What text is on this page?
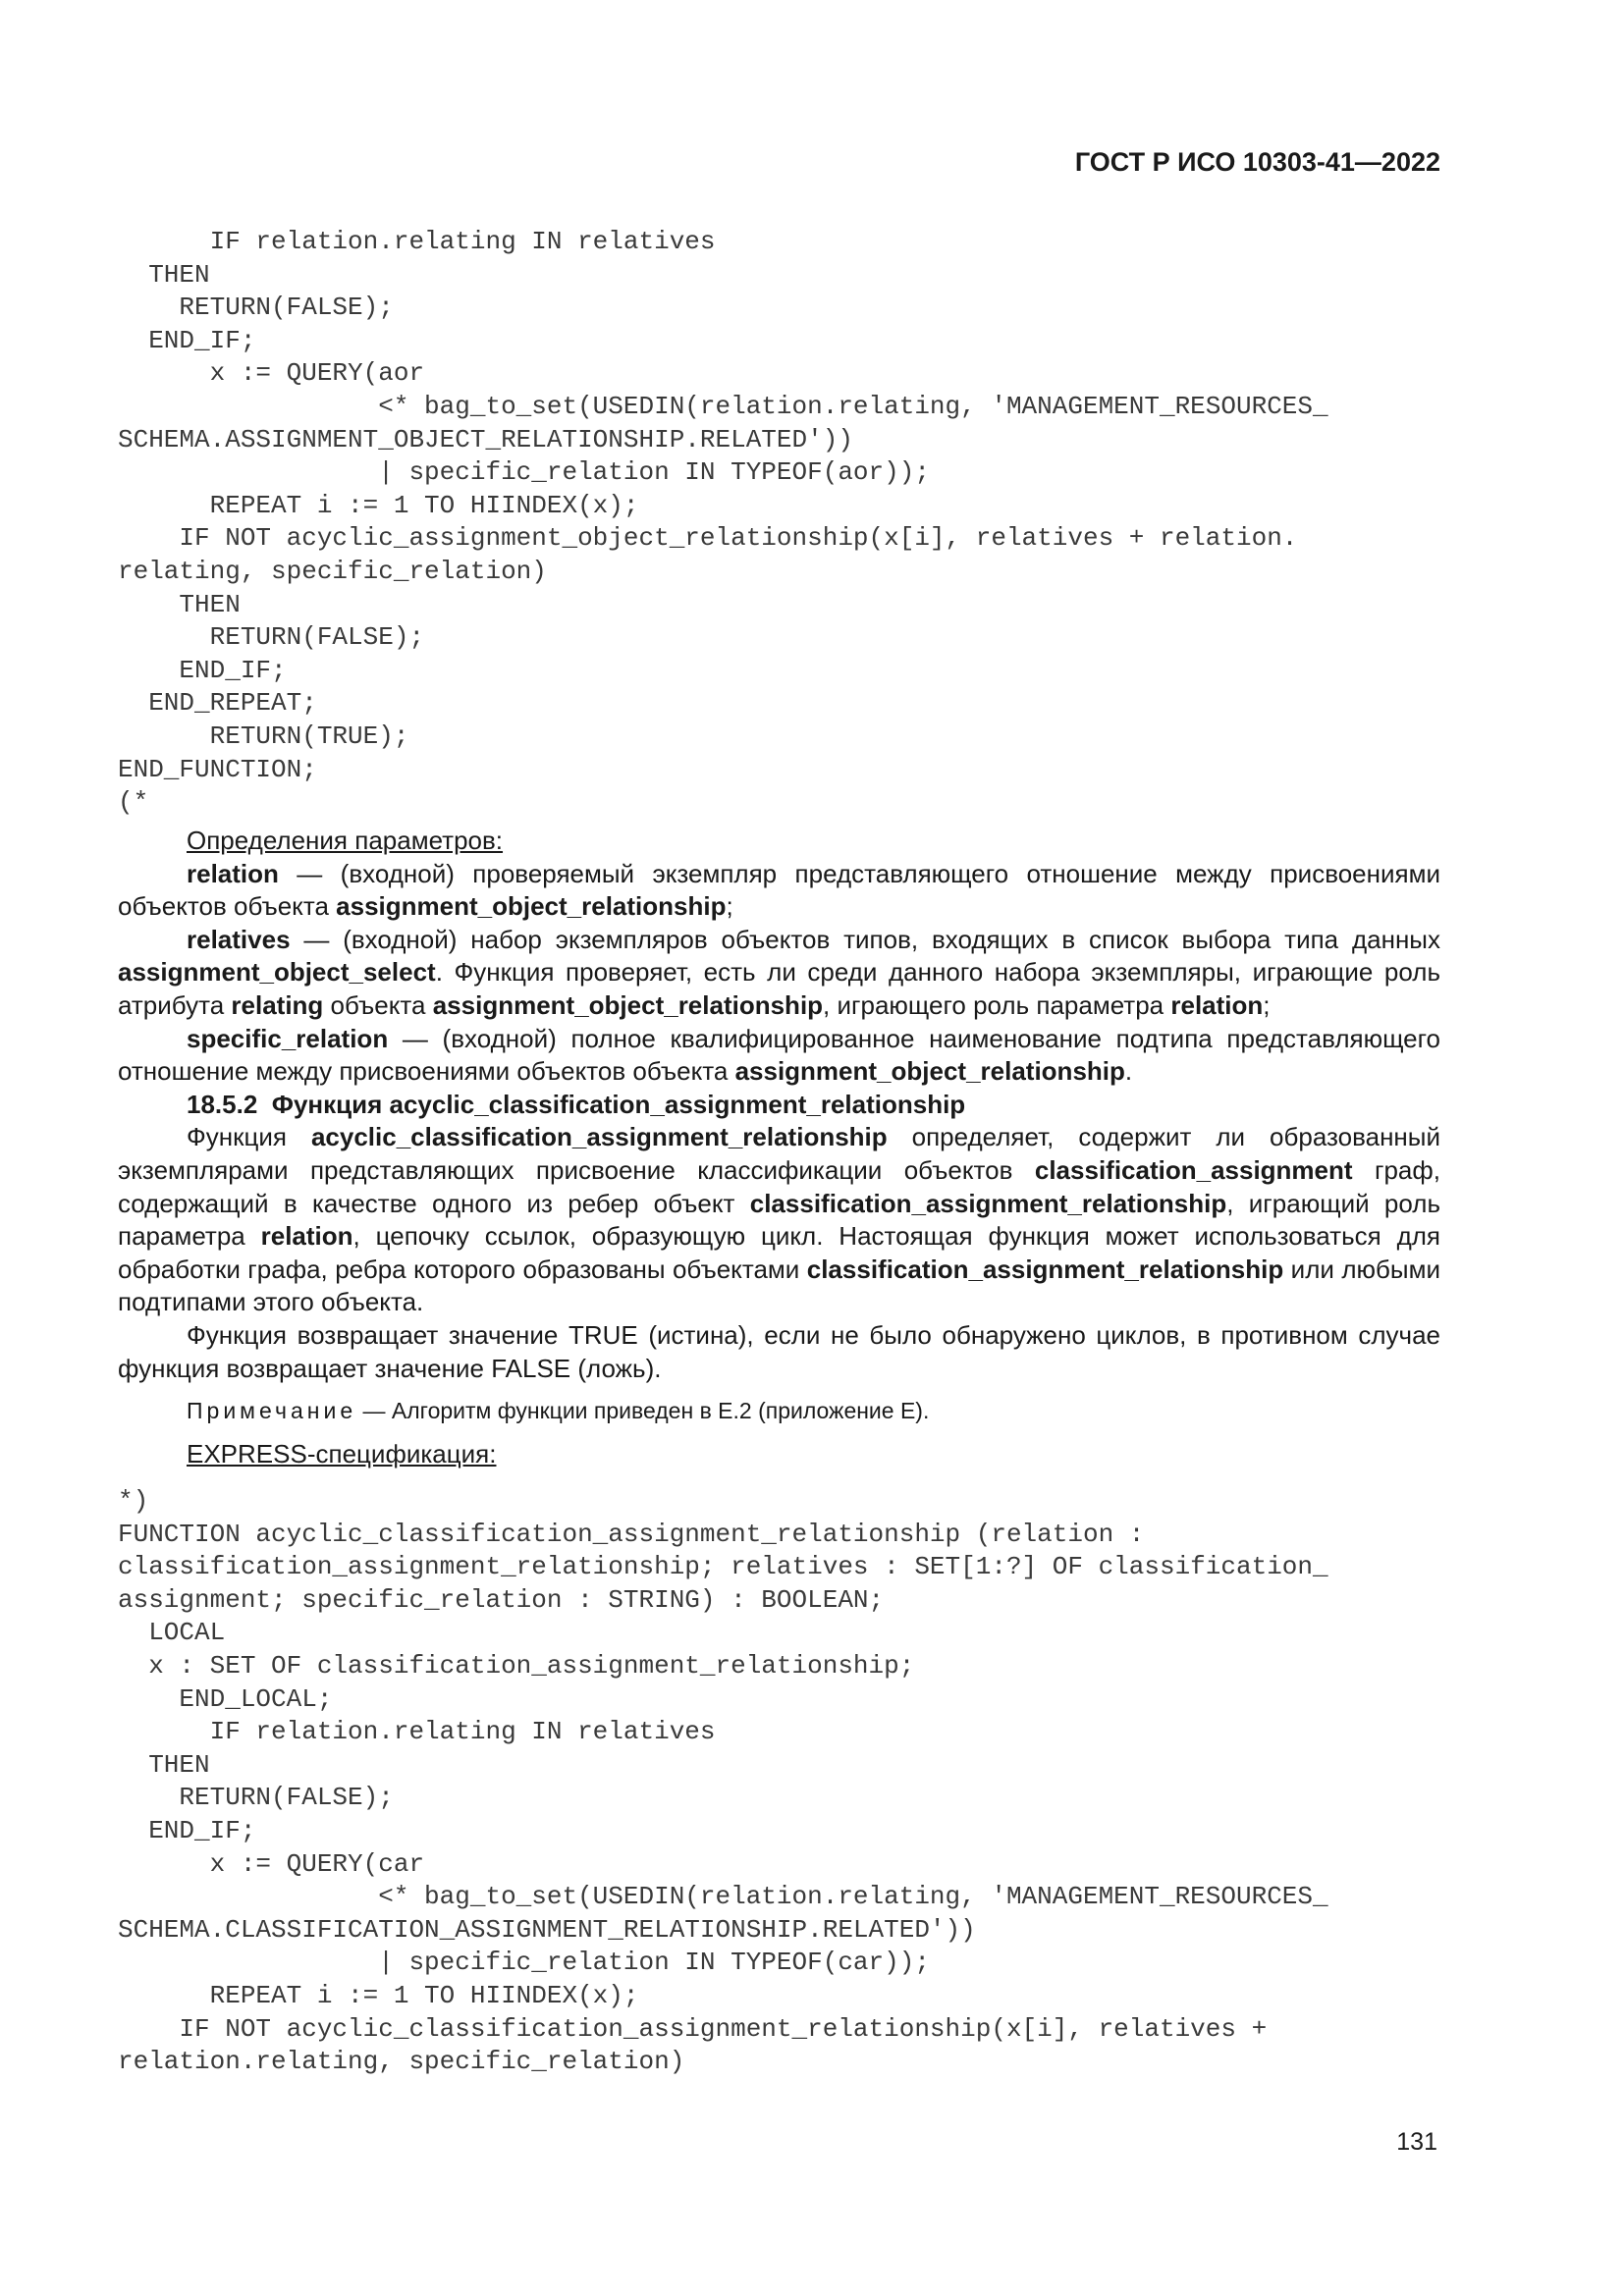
ГОСТ Р ИСО 10303-41—2022
IF relation.relating IN relatives
THEN
RETURN(FALSE);
END_IF;
x := QUERY(aor
<* bag_to_set(USEDIN(relation.relating, 'MANAGEMENT_RESOURCES_
SCHEMA.ASSIGNMENT_OBJECT_RELATIONSHIP.RELATED'))
| specific_relation IN TYPEOF(aor));
REPEAT i := 1 TO HIINDEX(x);
IF NOT acyclic_assignment_object_relationship(x[i], relatives + relation.
relating, specific_relation)
THEN
RETURN(FALSE);
END_IF;
END_REPEAT;
RETURN(TRUE);
END_FUNCTION;
(*

Определения параметров:

relation — (входной) проверяемый экземпляр представляющего отношение между присвоениями объектов объекта assignment_object_relationship;

relatives — (входной) набор экземпляров объектов типов, входящих в список выбора типа данных assignment_object_select. Функция проверяет, есть ли среди данного набора экземпляры, играющие роль атрибута relating объекта assignment_object_relationship, играющего роль параметра relation;

specific_relation — (входной) полное квалифицированное наименование подтипа представляющего отношение между присвоениями объектов объекта assignment_object_relationship.

18.5.2 Функция acyclic_classification_assignment_relationship

Функция acyclic_classification_assignment_relationship определяет, содержит ли образованный экземплярами представляющих присвоение классификации объектов classification_assignment граф, содержащий в качестве одного из ребер объект classification_assignment_relationship, играющий роль параметра relation, цепочку ссылок, образующую цикл. Настоящая функция может использоваться для обработки графа, ребра которого образованы объектами classification_assignment_relationship или любыми подтипами этого объекта.

Функция возвращает значение TRUE (истина), если не было обнаружено циклов, в противном случае функция возвращает значение FALSE (ложь).

Примечание — Алгоритм функции приведен в Е.2 (приложение Е).

EXPRESS-спецификация:

*)
FUNCTION acyclic_classification_assignment_relationship (relation :
classification_assignment_relationship; relatives : SET[1:?] OF classification_
assignment; specific_relation : STRING) : BOOLEAN;
LOCAL
x : SET OF classification_assignment_relationship;
END_LOCAL;
IF relation.relating IN relatives
THEN
RETURN(FALSE);
END_IF;
x := QUERY(car
<* bag_to_set(USEDIN(relation.relating, 'MANAGEMENT_RESOURCES_
SCHEMA.CLASSIFICATION_ASSIGNMENT_RELATIONSHIP.RELATED'))
| specific_relation IN TYPEOF(car));
REPEAT i := 1 TO HIINDEX(x);
IF NOT acyclic_classification_assignment_relationship(x[i], relatives +
relation.relating, specific_relation)
131
